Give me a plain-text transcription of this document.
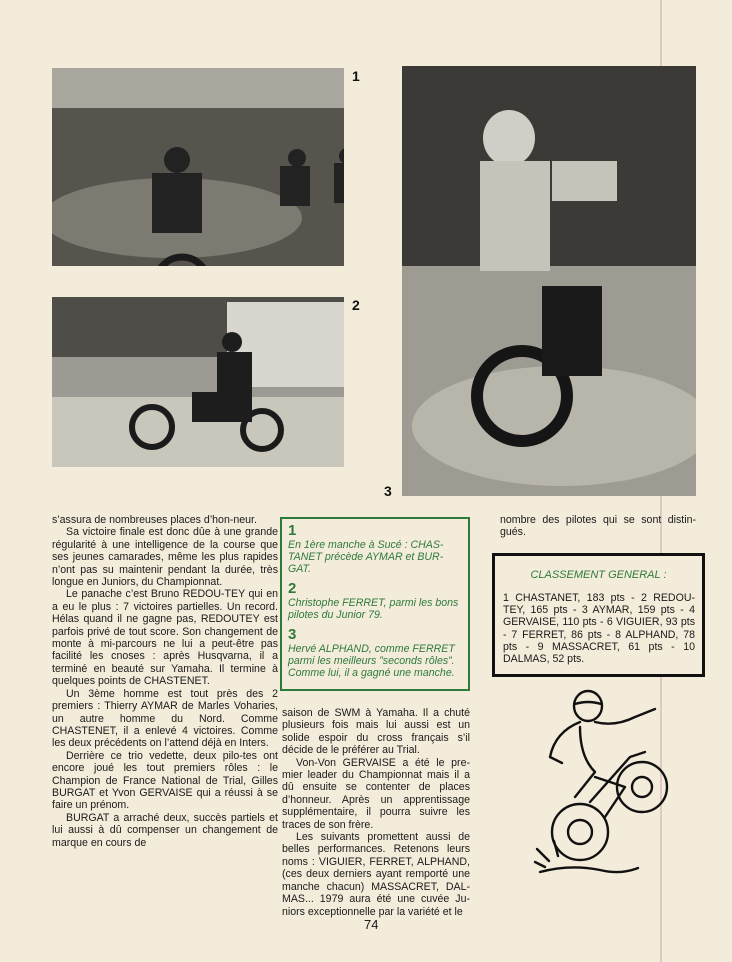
1
2
3

s’assura de nombreuses places d’hon-neur.

Sa victoire finale est donc dûe à une grande régularité à une intelligence de la course que ses jeunes camarades, même les plus rapides n’ont pas su maintenir pendant la durée, très longue en Juniors, du Championnat.

Le panache c’est Bruno REDOU-TEY qui en a eu le plus : 7 victoires partielles. Un record. Hélas quand il ne gagne pas, REDOUTEY est parfois privé de tout score. Son changement de monte à mi-parcours ne lui a peut-être pas facilité les cnoses : après Husqvarna, il a terminé en beauté sur Yamaha. Il termine à quelques points de CHASTENET.

Un 3ème homme est tout près des 2 premiers : Thierry AYMAR de Marles Voharies, un autre homme du Nord. Comme CHASTENET, il a enlevé 4 victoires. Comme les deux précédents on l’attend déjà en Inters.

Derrière ce trio vedette, deux pilo-tes ont encore joué les tout premiers rôles : le Champion de France National de Trial, Gilles BURGAT et Yvon GERVAISE qui a réussi à se faire un prénom.

BURGAT a arraché deux, succès partiels et lui aussi à dû compenser un changement de marque en cours de

1
En 1ère manche à Sucé : CHAS-TANET précède AYMAR et BUR-GAT.
2
Christophe FERRET, parmi les bons pilotes du Junior 79.
3
Hervé ALPHAND, comme FERRET parmi les meilleurs ”seconds rôles”. Comme lui, il a gagné une manche.

saison de SWM à Yamaha. Il a chuté plusieurs fois mais lui aussi est un solide espoir du cross français s’il décide de le préférer au Trial.

Von-Von GERVAISE a été le pre-mier leader du Championnat mais il a dû ensuite se contenter de places d’honneur. Après un apprentissage supplémentaire, il pourra suivre les traces de son frère.

Les suivants promettent aussi de belles performances. Retenons leurs noms : VIGUIER, FERRET, ALPHAND, (ces deux derniers ayant remporté une manche chacun) MASSACRET, DAL-MAS... 1979 aura été une cuvée Ju-niors exceptionnelle par la variété et le

nombre des pilotes qui se sont distin-gués.

CLASSEMENT GENERAL :
1 CHASTANET, 183 pts - 2 REDOU-TEY, 165 pts - 3 AYMAR, 159 pts - 4 GERVAISE, 110 pts - 6 VIGUIER, 93 pts - 7 FERRET, 86 pts - 8 ALPHAND, 78 pts - 9 MASSACRET, 61 pts - 10 DALMAS, 52 pts.
74
